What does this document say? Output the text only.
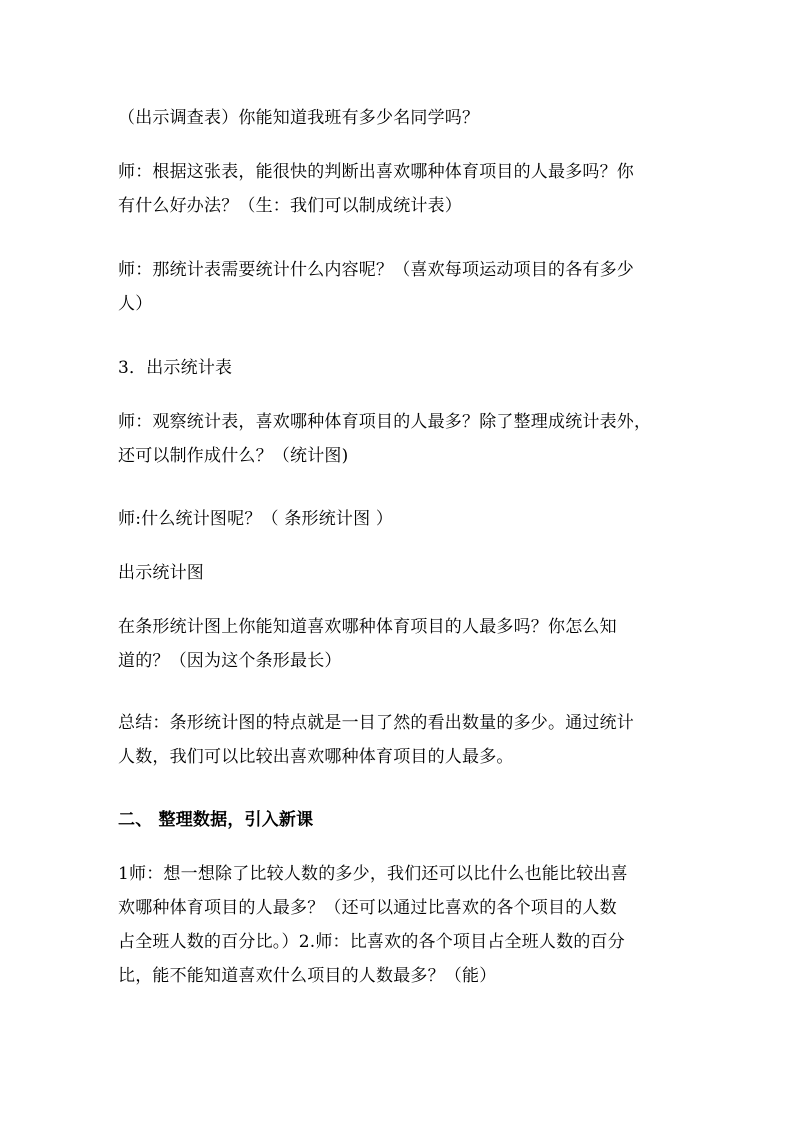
（出示调查表）你能知道我班有多少名同学吗？

师：根据这张表，能很快的判断出喜欢哪种体育项目的人最多吗？你
有什么好办法？（生：我们可以制成统计表）

师：那统计表需要统计什么内容呢？（喜欢每项运动项目的各有多少
人）

3．出示统计表

师：观察统计表，喜欢哪种体育项目的人最多？除了整理成统计表外，
还可以制作成什么？（统计图)

师:什么统计图呢？（ 条形统计图 ）

出示统计图

在条形统计图上你能知道喜欢哪种体育项目的人最多吗？你怎么知
道的？（因为这个条形最长）

总结：条形统计图的特点就是一目了然的看出数量的多少。通过统计
人数，我们可以比较出喜欢哪种体育项目的人最多。

二、 整理数据，引入新课

1师：想一想除了比较人数的多少，我们还可以比什么也能比较出喜
欢哪种体育项目的人最多？（还可以通过比喜欢的各个项目的人数
占全班人数的百分比。）2.师：比喜欢的各个项目占全班人数的百分
比，能不能知道喜欢什么项目的人数最多？（能）
